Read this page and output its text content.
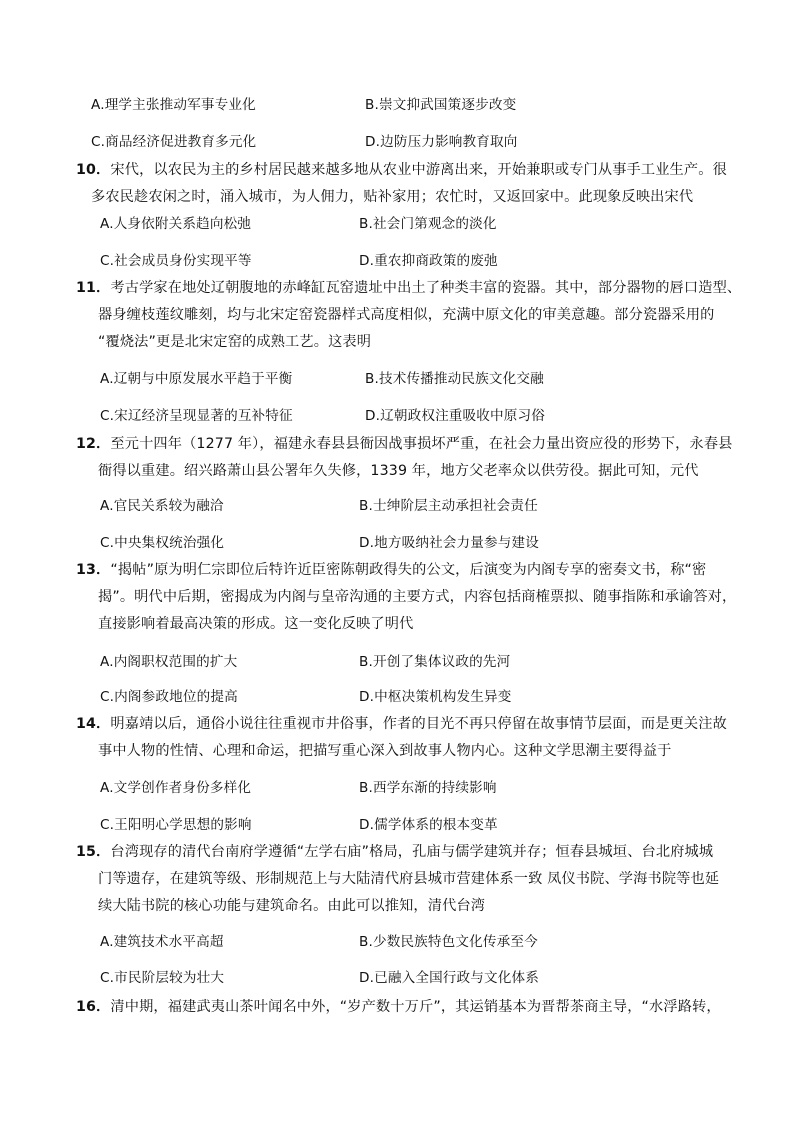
A.理学主张推动军事专业化	B.崇文抑武国策逐步改变
C.商品经济促进教育多元化	D.边防压力影响教育取向
10．宋代，以农民为主的乡村居民越来越多地从农业中游离出来，开始兼职或专门从事手工业生产。很
多农民趁农闲之时，涌入城市，为人佣力，贴补家用；农忙时，又返回家中。此现象反映出宋代
A.人身依附关系趋向松弛	B.社会门第观念的淡化
C.社会成员身份实现平等	D.重农抑商政策的废弛
11．考古学家在地处辽朝腹地的赤峰缸瓦窑遗址中出土了种类丰富的瓷器。其中，部分器物的唇口造型、
器身缠枝莲纹雕刻，均与北宋定窑瓷器样式高度相似，充满中原文化的审美意趣。部分瓷器采用的
“覆烧法”更是北宋定窑的成熟工艺。这表明
A.辽朝与中原发展水平趋于平衡	B.技术传播推动民族文化交融
C.宋辽经济呈现显著的互补特征	D.辽朝政权注重吸收中原习俗
12．至元十四年（1277 年），福建永春县县衙因战事损坏严重，在社会力量出资应役的形势下，永春县
衙得以重建。绍兴路萧山县公署年久失修，1339 年，地方父老率众以供劳役。据此可知，元代
A.官民关系较为融洽	B.士绅阶层主动承担社会责任
C.中央集权统治强化	D.地方吸纳社会力量参与建设
13．“揭帖”原为明仁宗即位后特许近臣密陈朝政得失的公文，后演变为内阁专享的密奏文书，称“密
揭”。明代中后期，密揭成为内阁与皇帝沟通的主要方式，内容包括商榷票拟、随事指陈和承谕答对，
直接影响着最高决策的形成。这一变化反映了明代
A.内阁职权范围的扩大	B.开创了集体议政的先河
C.内阁参政地位的提高	D.中枢决策机构发生异变
14．明嘉靖以后，通俗小说往往重视市井俗事，作者的目光不再只停留在故事情节层面，而是更关注故
事中人物的性情、心理和命运，把描写重心深入到故事人物内心。这种文学思潮主要得益于
A.文学创作者身份多样化	B.西学东渐的持续影响
C.王阳明心学思想的影响	D.儒学体系的根本变革
15．台湾现存的清代台南府学遵循“左学右庙”格局，孔庙与儒学建筑并存；恒春县城垣、台北府城城
门等遗存，在建筑等级、形制规范上与大陆清代府县城市营建体系一致 凤仪书院、学海书院等也延
续大陆书院的核心功能与建筑命名。由此可以推知，清代台湾
A.建筑技术水平高超	B.少数民族特色文化传承至今
C.市民阶层较为壮大	D.已融入全国行政与文化体系
16．清中期，福建武夷山茶叶闻名中外，“岁产数十万斤”，其运销基本为晋帮茶商主导，“水浮路转，
